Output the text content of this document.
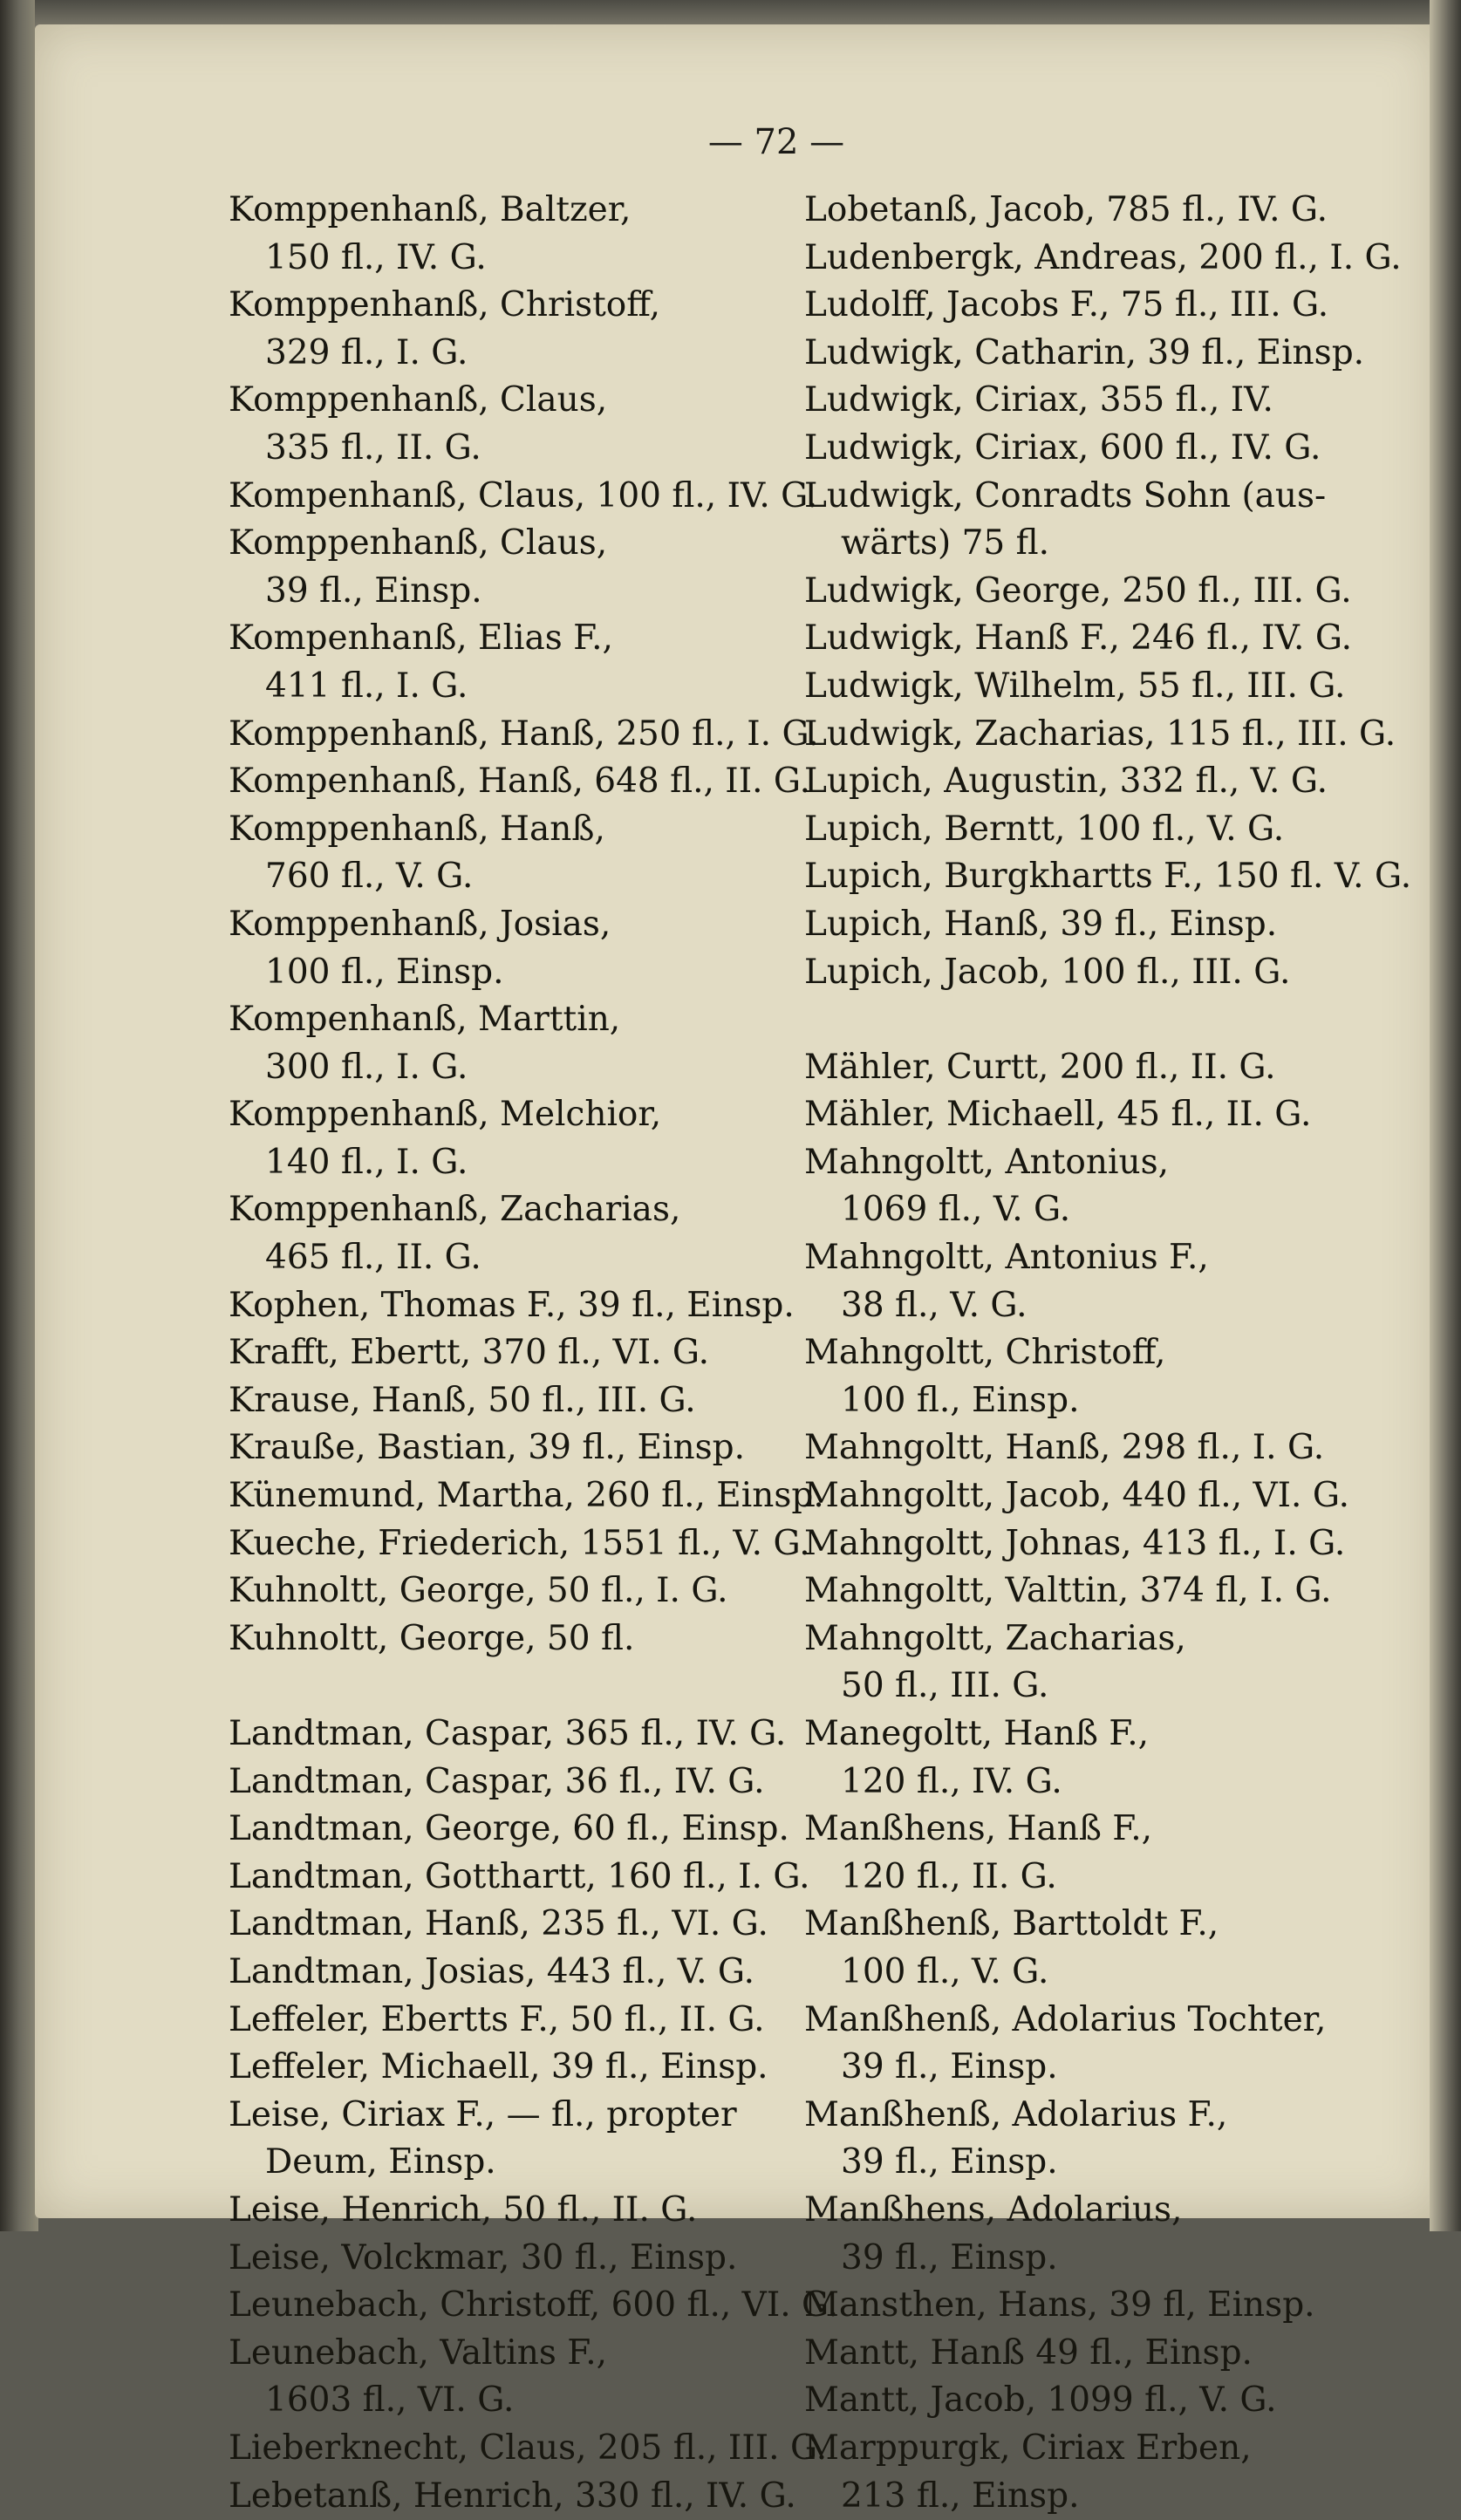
— 72 —
Komppenhanß, Baltzer,
150 fl., IV. G.
Komppenhanß, Christoff,
329 fl., I. G.
Komppenhanß, Claus,
335 fl., II. G.
Kompenhanß, Claus, 100 fl., IV. G.
Komppenhanß, Claus,
39 fl., Einsp.
Kompenhanß, Elias F.,
411 fl., I. G.
Komppenhanß, Hanß, 250 fl., I. G.
Kompenhanß, Hanß, 648 fl., II. G.
Komppenhanß, Hanß,
760 fl., V. G.
Komppenhanß, Josias,
100 fl., Einsp.
Kompenhanß, Marttin,
300 fl., I. G.
Komppenhanß, Melchior,
140 fl., I. G.
Komppenhanß, Zacharias,
465 fl., II. G.
Kophen, Thomas F., 39 fl., Einsp.
Krafft, Ebertt, 370 fl., VI. G.
Krause, Hanß, 50 fl., III. G.
Kraußе, Bastian, 39 fl., Einsp.
Künemund, Martha, 260 fl., Einsp.
Kueche, Friederich, 1551 fl., V. G.
Kuhnoltt, George, 50 fl., I. G.
Kuhnoltt, George, 50 fl.
Landtman, Caspar, 365 fl., IV. G.
Landtman, Caspar, 36 fl., IV. G.
Landtman, George, 60 fl., Einsp.
Landtman, Gotthartt, 160 fl., I. G.
Landtman, Hanß, 235 fl., VI. G.
Landtman, Josias, 443 fl., V. G.
Lеffeler, Ebertts F., 50 fl., II. G.
Leffeler, Michaell, 39 fl., Einsp.
Leise, Ciriax F., — fl., propter
Deum, Einsp.
Leise, Henrich, 50 fl., II. G.
Leise, Volckmar, 30 fl., Einsp.
Leunebach, Christoff, 600 fl., VI. G.
Leunebach, Valtins F.,
1603 fl., VI. G.
Lieberknecht, Claus, 205 fl., III. G.
Lebetanß, Henrich, 330 fl., IV. G.
Lobetanß, Jacob, 785 fl., IV. G.
Ludenbergk, Andreas, 200 fl., I. G.
Ludolff, Jacobs F., 75 fl., III. G.
Ludwigk, Catharin, 39 fl., Einsp.
Ludwigk, Ciriax, 355 fl., IV.
Ludwigk, Ciriax, 600 fl., IV. G.
Ludwigk, Conradts Sohn (aus-
wärts) 75 fl.
Ludwigk, George, 250 fl., III. G.
Ludwigk, Hanß F., 246 fl., IV. G.
Ludwigk, Wilhelm, 55 fl., III. G.
Ludwigk, Zacharias, 115 fl., III. G.
Lupich, Augustin, 332 fl., V. G.
Lupich, Berntt, 100 fl., V. G.
Lupich, Burgkhartts F., 150 fl. V. G.
Lupich, Hanß, 39 fl., Einsp.
Lupich, Jacob, 100 fl., III. G.
Mähler, Curtt, 200 fl., II. G.
Mähler, Michaell, 45 fl., II. G.
Mahngoltt, Antonius,
1069 fl., V. G.
Mahngoltt, Antonius F.,
38 fl., V. G.
Mahngoltt, Christoff,
100 fl., Einsp.
Mahngoltt, Hanß, 298 fl., I. G.
Mahngoltt, Jacob, 440 fl., VI. G.
Mahngoltt, Johnas, 413 fl., I. G.
Mahngoltt, Valttin, 374 fl, I. G.
Mahngoltt, Zacharias,
50 fl., III. G.
Manegoltt, Hanß F.,
120 fl., IV. G.
Manßhens, Hanß F.,
120 fl., II. G.
Manßhenß, Barttoldt F.,
100 fl., V. G.
Manßhenß, Adolarius Tochter,
39 fl., Einsp.
Manßhenß, Adolarius F.,
39 fl., Einsp.
Manßhens, Adolarius,
39 fl., Einsp.
Mansthen, Hans, 39 fl, Einsp.
Mantt, Hanß 49 fl., Einsp.
Mantt, Jacob, 1099 fl., V. G.
Marppurgk, Ciriax Erben,
213 fl., Einsp.
